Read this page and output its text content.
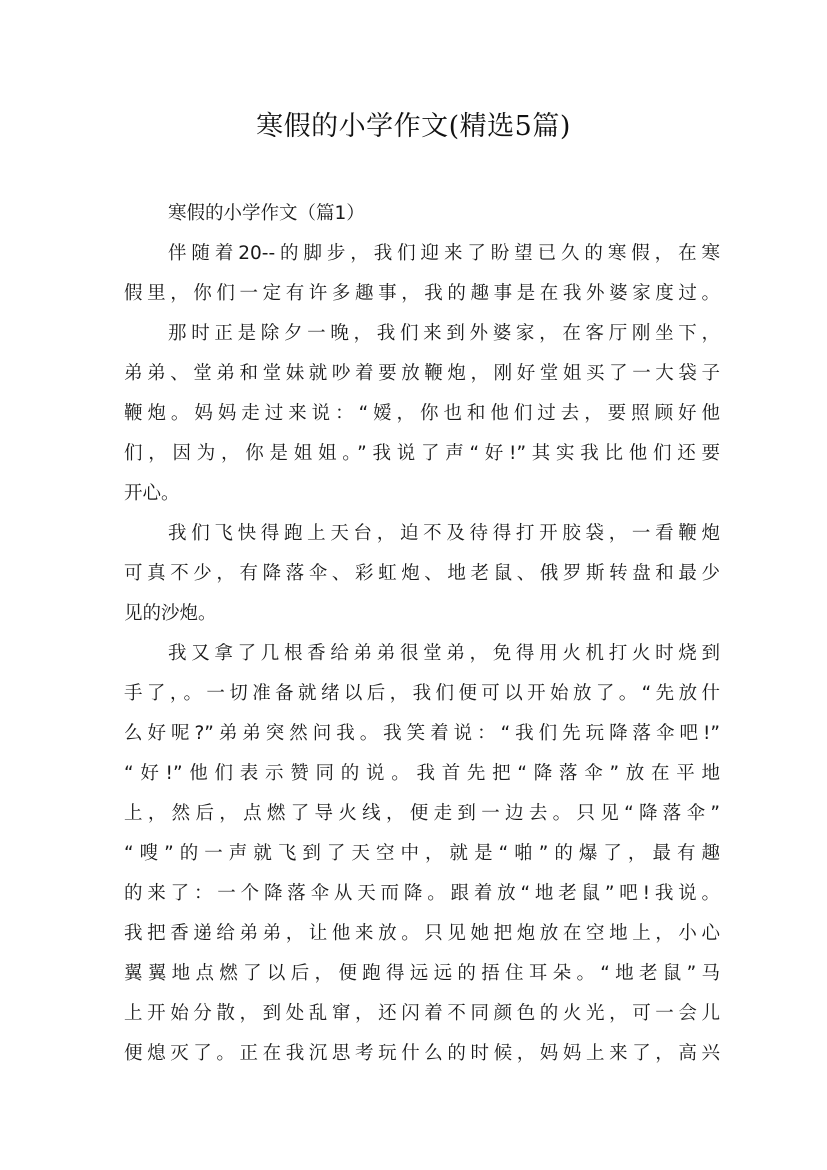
寒假的小学作文(精选5篇)
寒假的小学作文（篇1）
伴随着20--的脚步，我们迎来了盼望已久的寒假，在寒
假里，你们一定有许多趣事，我的趣事是在我外婆家度过。
那时正是除夕一晚，我们来到外婆家，在客厅刚坐下，
弟弟、堂弟和堂妹就吵着要放鞭炮，刚好堂姐买了一大袋子
鞭炮。妈妈走过来说：“嫒，你也和他们过去，要照顾好他
们，因为，你是姐姐。”我说了声“好!”其实我比他们还要
开心。
我们飞快得跑上天台，迫不及待得打开胶袋，一看鞭炮
可真不少，有降落伞、彩虹炮、地老鼠、俄罗斯转盘和最少
见的沙炮。
我又拿了几根香给弟弟很堂弟，免得用火机打火时烧到
手了，。一切准备就绪以后，我们便可以开始放了。“先放什
么好呢?”弟弟突然问我。我笑着说：“我们先玩降落伞吧!”
“好!”他们表示赞同的说。我首先把“降落伞”放在平地
上，然后，点燃了导火线，便走到一边去。只见“降落伞”
“嗖”的一声就飞到了天空中，就是“啪”的爆了，最有趣
的来了：一个降落伞从天而降。跟着放“地老鼠”吧!我说。
我把香递给弟弟，让他来放。只见她把炮放在空地上，小心
翼翼地点燃了以后，便跑得远远的捂住耳朵。“地老鼠”马
上开始分散，到处乱窜，还闪着不同颜色的火光，可一会儿
便熄灭了。正在我沉思考玩什么的时候，妈妈上来了，高兴
